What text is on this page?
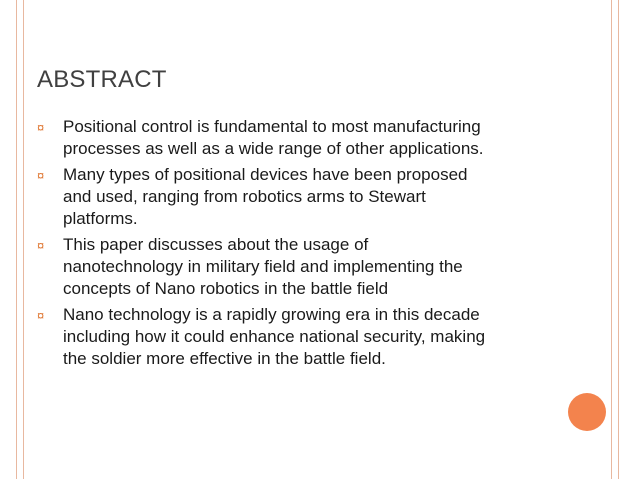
ABSTRACT
¤ Positional control is fundamental to most manufacturing
processes as well as a wide range of other applications.
¤ Many types of positional devices have been proposed
and used, ranging from robotics arms to Stewart
platforms.
¤ This paper discusses about the usage of
nanotechnology in military field and implementing the
concepts of Nano robotics in the battle field
¤ Nano technology is a rapidly growing era in this decade
including how it could enhance national security, making
the soldier more effective in the battle field.
